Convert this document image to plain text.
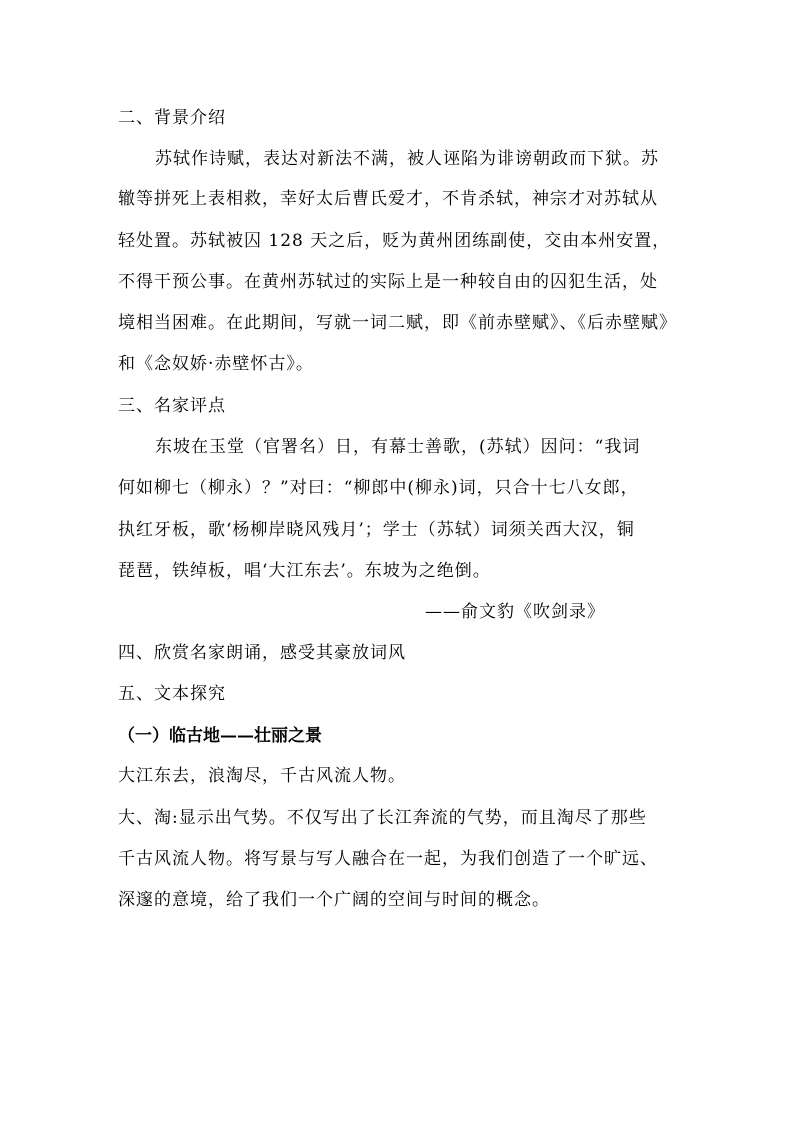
二、背景介绍
苏轼作诗赋，表达对新法不满，被人诬陷为诽谤朝政而下狱。苏
辙等拼死上表相救，幸好太后曹氏爱才，不肯杀轼，神宗才对苏轼从
轻处置。苏轼被囚 128 天之后，贬为黄州团练副使，交由本州安置，
不得干预公事。在黄州苏轼过的实际上是一种较自由的囚犯生活，处
境相当困难。在此期间，写就一词二赋，即《前赤壁赋》、《后赤壁赋》
和《念奴娇·赤壁怀古》。
三、名家评点
东坡在玉堂（官署名）日，有幕士善歌，(苏轼）因问：“我词
何如柳七（柳永）？”对曰：“柳郎中(柳永)词，只合十七八女郎，
执红牙板，歌‘杨柳岸晓风残月’；学士（苏轼）词须关西大汉，铜
琵琶，铁绰板，唱‘大江东去’。东坡为之绝倒。
——俞文豹《吹剑录》
四、欣赏名家朗诵，感受其豪放词风
五、文本探究
（一）临古地——壮丽之景
大江东去，浪淘尽，千古风流人物。
大、淘:显示出气势。不仅写出了长江奔流的气势，而且淘尽了那些
千古风流人物。将写景与写人融合在一起，为我们创造了一个旷远、
深邃的意境，给了我们一个广阔的空间与时间的概念。
